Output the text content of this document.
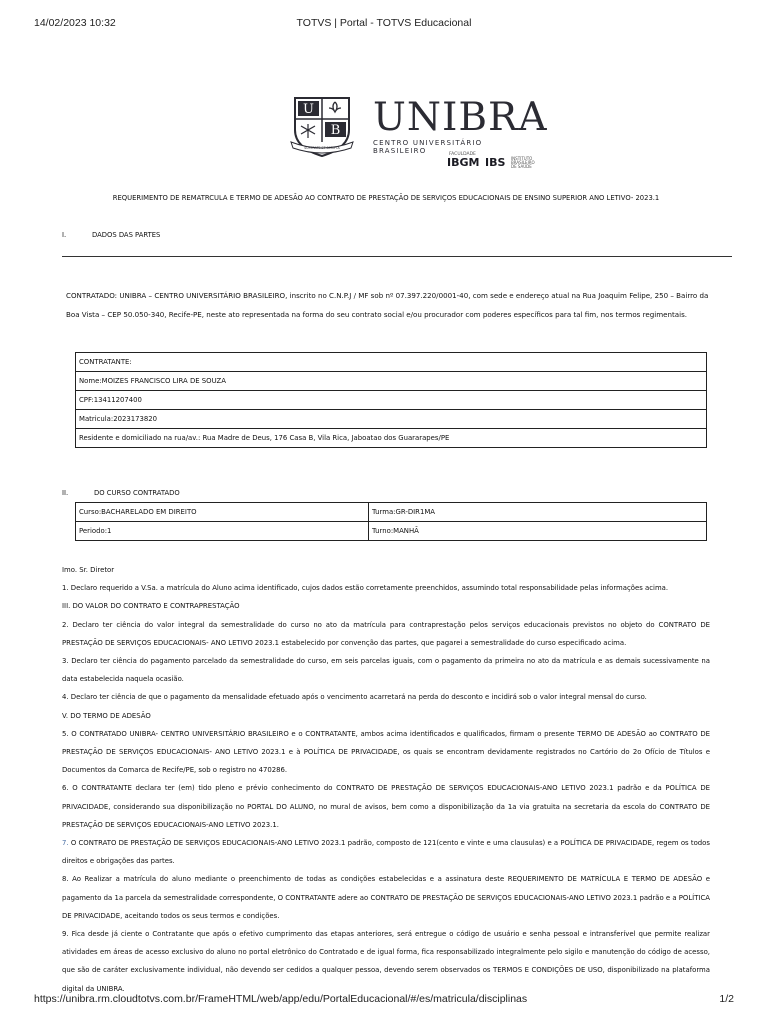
14/02/2023 10:32	TOTVS | Portal - TOTVS Educacional
U
B
SUPERATE ET SCRIPTA
UNIBRA
CENTRO UNIVERSITÁRIO BRASILEIRO	FACULDADE
IBGM IBS INSTITUTO BRASILEIRO DE SAÚDE
REQUERIMENTO DE REMATRCULA E TERMO DE ADESÃO AO CONTRATO DE PRESTAÇÃO DE SERVIÇOS EDUCACIONAIS DE ENSINO SUPERIOR ANO LETIVO- 2023.1
I.	DADOS DAS PARTES
CONTRATADO: UNIBRA – CENTRO UNIVERSITÁRIO BRASILEIRO, inscrito no C.N.P.J / MF sob nº 07.397.220/0001-40, com sede e endereço atual na Rua Joaquim Felipe, 250 – Bairro da Boa Vista – CEP 50.050-340, Recife-PE, neste ato representada na forma do seu contrato social e/ou procurador com poderes específicos para tal fim, nos termos regimentais.
CONTRATANTE:
Nome:MOIZES FRANCISCO LIRA DE SOUZA
CPF:13411207400
Matricula:2023173820
Residente e domiciliado na rua/av.: Rua Madre de Deus, 176 Casa B, Vila Rica, Jaboatao dos Guararapes/PE
II.	DO CURSO CONTRATADO
Curso:BACHARELADO EM DIREITO	Turma:GR-DIR1MA
Periodo:1	Turno:MANHÃ

Imo. Sr. Diretor

1. Declaro requerido a V.Sa. a matrícula do Aluno acima identificado, cujos dados estão corretamente preenchidos, assumindo total responsabilidade pelas informações acima.

III. DO VALOR DO CONTRATO E CONTRAPRESTAÇÃO

2. Declaro ter ciência do valor integral da semestralidade do curso no ato da matrícula para contraprestação pelos serviços educacionais previstos no objeto do CONTRATO DE PRESTAÇÃO DE SERVIÇOS EDUCACIONAIS- ANO LETIVO 2023.1 estabelecido por convenção das partes, que pagarei a semestralidade do curso especificado acima.

3. Declaro ter ciência do pagamento parcelado da semestralidade do curso, em seis parcelas iguais, com o pagamento da primeira no ato da matrícula e as demais sucessivamente na data estabelecida naquela ocasião.

4. Declaro ter ciência de que o pagamento da mensalidade efetuado após o vencimento acarretará na perda do desconto e incidirá sob o valor integral mensal do curso.

V. DO TERMO DE ADESÃO

5. O CONTRATADO UNIBRA- CENTRO UNIVERSITÁRIO BRASILEIRO e o CONTRATANTE, ambos acima identificados e qualificados, firmam o presente TERMO DE ADESÃO ao CONTRATO DE PRESTAÇÃO DE SERVIÇOS EDUCACIONAIS- ANO LETIVO 2023.1 e à POLÍTICA DE PRIVACIDADE, os quais se encontram devidamente registrados no Cartório do 2o Ofício de Títulos e Documentos da Comarca de Recife/PE, sob o registro no 470286.

6. O CONTRATANTE declara ter (em) tido pleno e prévio conhecimento do CONTRATO DE PRESTAÇÃO DE SERVIÇOS EDUCACIONAIS-ANO LETIVO 2023.1 padrão e da POLÍTICA DE PRIVACIDADE, considerando sua disponibilização no PORTAL DO ALUNO, no mural de avisos, bem como a disponibilização da 1a via gratuita na secretaria da escola do CONTRATO DE PRESTAÇÃO DE SERVIÇOS EDUCACIONAIS-ANO LETIVO 2023.1.

7. O CONTRATO DE PRESTAÇÃO DE SERVIÇOS EDUCACIONAIS-ANO LETIVO 2023.1 padrão, composto de 121(cento e vinte e uma clausulas) e a POLÍTICA DE PRIVACIDADE, regem os todos direitos e obrigações das partes.

8. Ao Realizar a matrícula do aluno mediante o preenchimento de todas as condições estabelecidas e a assinatura deste REQUERIMENTO DE MATRÍCULA E TERMO DE ADESÃO e pagamento da 1a parcela da semestralidade correspondente, O CONTRATANTE adere ao CONTRATO DE PRESTAÇÃO DE SERVIÇOS EDUCACIONAIS-ANO LETIVO 2023.1 padrão e a POLÍTICA DE PRIVACIDADE, aceitando todos os seus termos e condições.

9. Fica desde já ciente o Contratante que após o efetivo cumprimento das etapas anteriores, será entregue o código de usuário e senha pessoal e intransferível que permite realizar atividades em áreas de acesso exclusivo do aluno no portal eletrônico do Contratado e de igual forma, fica responsabilizado integralmente pelo sigilo e manutenção do código de acesso, que são de caráter exclusivamente individual, não devendo ser cedidos a qualquer pessoa, devendo serem observados os TERMOS E CONDIÇÕES DE USO, disponibilizado na plataforma digital da UNIBRA.

https://unibra.rm.cloudtotvs.com.br/FrameHTML/web/app/edu/PortalEducacional/#/es/matricula/disciplinas	1/2
